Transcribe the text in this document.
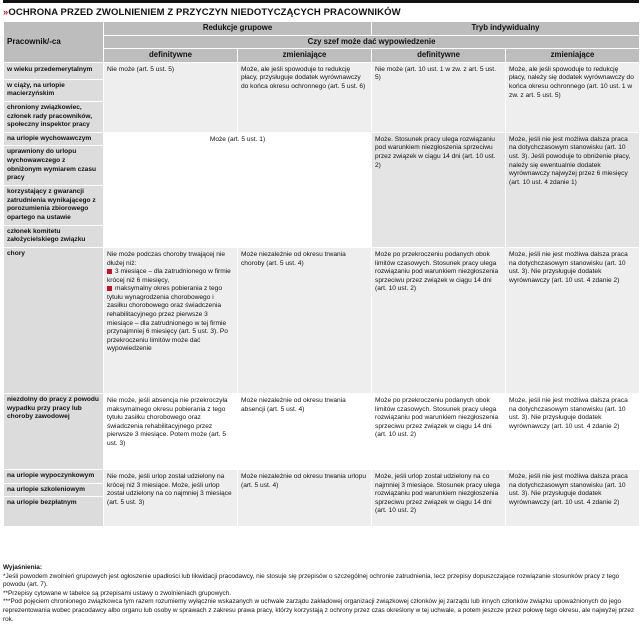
»OCHRONA PRZED ZWOLNIENIEM Z PRZYCZYN NIEDOTYCZĄCYCH PRACOWNIKÓW
Pracownik/-ca	Redukcje grupowe		Tryb indywidualny	
	Czy szef może dać wypowiedzenie			
	definitywne	zmieniające	definitywne	zmieniające
w wieku przedemerytalnym	Nie może (art. 5 ust. 5)	Może, ale jeśli spowoduje to redukcję płacy, przysługuje dodatek wyrównawczy do końca okresu ochronnego (art. 5 ust. 6)	Nie może (art. 10 ust. 1 w zw. z art. 5 ust. 5)	Może, ale jeśli spowoduje to redukcję płacy, należy się dodatek wyrównawczy do końca okresu ochronnego (art. 10 ust. 1 w zw. z art. 5 ust. 5)
w ciąży, na urlopie macierzyńskim				
chroniony związkowiec, członek rady pracowników, społeczny inspektor pracy				
na urlopie wychowawczym	Może (art. 5 ust. 1)		Może. Stosunek pracy ulega rozwiązaniu pod warunkiem niezgłoszenia sprzeciwu przez związek w ciągu 14 dni (art. 10 ust. 2)	Może, jeśli nie jest możliwa dalsza praca na dotychczasowym stanowisku (art. 10 ust. 3). Jeśli powoduje to obniżenie płacy, należy się ewentualnie dodatek wyrównawczy najwyżej przez 6 miesięcy (art. 10 ust. 4 zdanie 1)
uprawniony do urlopu wychowawczego z obniżonym wymiarem czasu pracy				
korzystający z gwarancji zatrudnienia wynikającego z porozumienia zbiorowego opartego na ustawie				
członek komitetu założycielskiego związku				
chory	Nie może podczas choroby trwającej nie dłużej niż:
3 miesiące – dla zatrudnionego w firmie krócej niż 6 miesięcy,
maksymalny okres pobierania z tego tytułu wynagrodzenia chorobowego i zasiłku chorobowego oraz świadczenia rehabilitacyjnego przez pierwsze 3 miesiące – dla zatrudnionego w tej firmie przynajmniej 6 miesięcy (art. 5 ust. 3). Po przekroczeniu limitów może dać wypowiedzenie	Może niezależnie od okresu trwania choroby (art. 5 ust. 4)	Może po przekroczeniu podanych obok limitów czasowych. Stosunek pracy ulega rozwiązaniu pod warunkiem niezgłoszenia sprzeciwu przez związek w ciągu 14 dni (art. 10 ust. 2)	Może, jeśli nie jest możliwa dalsza praca na dotychczasowym stanowisku (art. 10 ust. 3). Nie przysługuje dodatek wyrównawczy (art. 10 ust. 4 zdanie 2)
niezdolny do pracy z powodu wypadku przy pracy lub choroby zawodowej	Nie może, jeśli absencja nie przekroczyła maksymalnego okresu pobierania z tego tytułu zasiłku chorobowego oraz świadczenia rehabilitacyjnego przez pierwsze 3 miesiące. Potem może (art. 5 ust. 3)	Może niezależnie od okresu trwania absencji (art. 5 ust. 4)	Może po przekroczeniu podanych obok limitów czasowych. Stosunek pracy ulega rozwiązaniu pod warunkiem niezgłoszenia sprzeciwu przez związek w ciągu 14 dni (art. 10 ust. 2)	Może, jeśli nie jest możliwa dalsza praca na dotychczasowym stanowisku (art. 10 ust. 3). Nie przysługuje dodatek wyrównawczy (art. 10 ust. 4 zdanie 2)
na urlopie wypoczynkowym	Nie może, jeśli urlop został udzielony na krócej niż 3 miesiące. Może, jeśli urlop został udzielony na co najmniej 3 miesiące (art. 5 ust. 3)	Może niezależnie od okresu trwania urlopu (art. 5 ust. 4)	Może, jeśli urlop został udzielony na co najmniej 3 miesiące. Stosunek pracy ulega rozwiązaniu pod warunkiem niezgłoszenia sprzeciwu przez związek w ciągu 14 dni (art. 10 ust. 2)	Może, jeśli nie jest możliwa dalsza praca na dotychczasowym stanowisku (art. 10 ust. 3). Nie przysługuje dodatek wyrównawczy (art. 10 ust. 4 zdanie 2)
na urlopie szkoleniowym				
na urlopie bezpłatnym				
Wyjaśnienia:
*Jeśli powodem zwolnień grupowych jest ogłoszenie upadłości lub likwidacji pracodawcy, nie stosuje się przepisów o szczególnej ochronie zatrudnienia, lecz przepisy dopuszczające rozwiązanie stosunków pracy z tego powodu (art. 7).
**Przepisy cytowane w tabelce są przepisami ustawy o zwolnieniach grupowych.
***Pod pojęciem chronionego związkowca tym razem rozumiemy wyłącznie wskazanych w uchwale zarządu zakładowej organizacji związkowej członków jej zarządu lub innych członków związku upoważnionych do jego reprezentowania wobec pracodawcy albo organu lub osoby w sprawach z zakresu prawa pracy, którzy korzystają z ochrony przez czas określony w tej uchwale, a potem jeszcze przez połowę tego okresu, ale najwyżej przez rok.
